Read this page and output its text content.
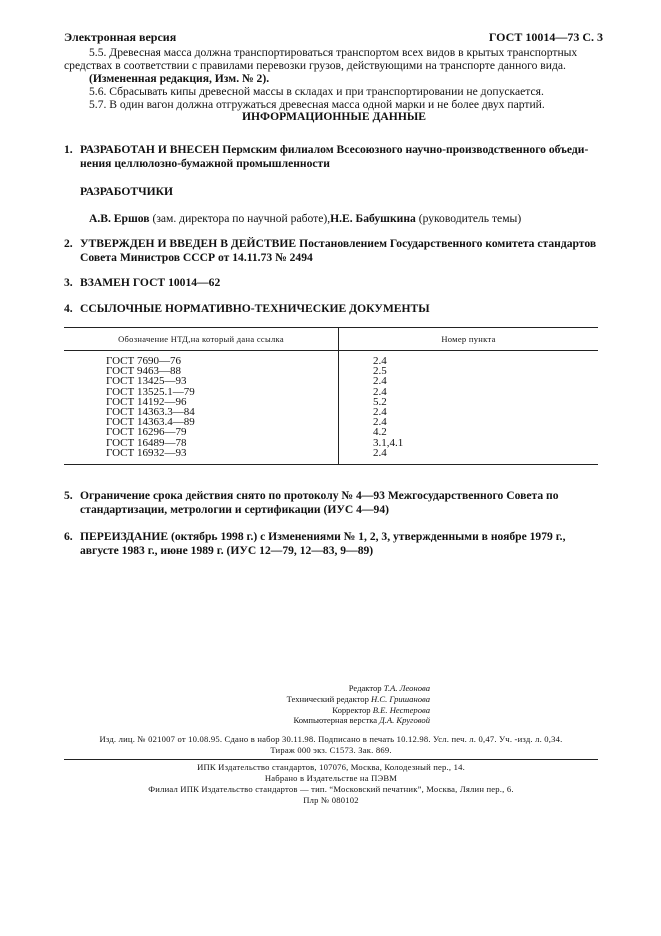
Электронная версия	ГОСТ 10014—73 С. 3
5.5. Древесная масса должна транспортироваться транспортом всех видов в крытых транспортных
средствах в соответствии с правилами перевозки грузов, действующими на транспорте данного вида.
(Измененная редакция, Изм. № 2).
5.6. Сбрасывать кипы древесной массы в складах и при транспортировании не допускается.
5.7. В один вагон должна отгружаться древесная масса одной марки и не более двух партий.
ИНФОРМАЦИОННЫЕ ДАННЫЕ
1. РАЗРАБОТАН И ВНЕСЕН Пермским филиалом Всесоюзного научно-производственного объеди-
нения целлюлозно-бумажной промышленности
РАЗРАБОТЧИКИ
А.В. Ершов (зам. директора по научной работе),Н.Е. Бабушкина (руководитель темы)
2. УТВЕРЖДЕН И ВВЕДЕН В ДЕЙСТВИЕ Постановлением Государственного комитета стандартов
Совета Министров СССР от 14.11.73 № 2494
3. ВЗАМЕН ГОСТ 10014—62
4. ССЫЛОЧНЫЕ НОРМАТИВНО-ТЕХНИЧЕСКИЕ ДОКУМЕНТЫ
Обозначение НТД,на который дана ссылка	Номер пункта
ГОСТ 7690—76	2.4
ГОСТ 9463—88	2.5
ГОСТ 13425—93	2.4
ГОСТ 13525.1—79	2.4
ГОСТ 14192—96	5.2
ГОСТ 14363.3—84	2.4
ГОСТ 14363.4—89	2.4
ГОСТ 16296—79	4.2
ГОСТ 16489—78	3.1,4.1
ГОСТ 16932—93	2.4
5. Ограничение срока действия снято по протоколу № 4—93 Межгосударственного Совета по
стандартизации, метрологии и сертификации (ИУС 4—94)
6. ПЕРЕИЗДАНИЕ (октябрь 1998 г.) с Изменениями № 1, 2, 3, утвержденными в ноябре 1979 г.,
августе 1983 г., июне 1989 г. (ИУС 12—79, 12—83, 9—89)
Редактор Т.А. Леонова
Технический редактор Н.С. Гришанова
Корректор В.Е. Нестерова
Компьютерная верстка Д.А. Круговой
Изд. лиц. № 021007 от 10.08.95. Сдано в набор 30.11.98. Подписано в печать 10.12.98. Усл. печ. л. 0,47. Уч. -изд. л. 0,34.
Тираж 000 экз. С1573. Зак. 869.
ИПК Издательство стандартов, 107076, Москва, Колодезный пер., 14.
Набрано в Издательстве на ПЭВМ
Филиал ИПК Издательство стандартов — тип. “Московский печатник”, Москва, Лялин пер., 6.
Плр № 080102
